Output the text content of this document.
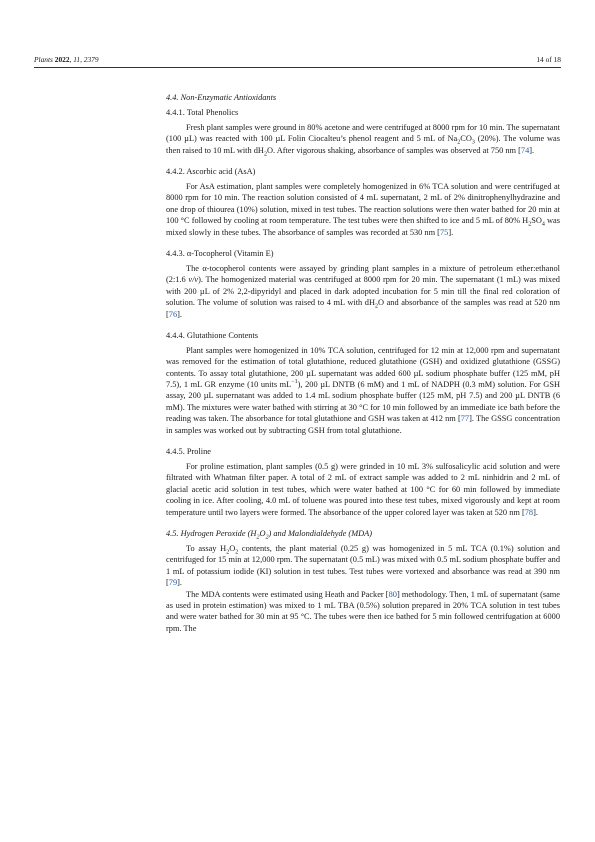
Plants 2022, 11, 2379	14 of 18
4.4. Non-Enzymatic Antioxidants
4.4.1. Total Phenolics

Fresh plant samples were ground in 80% acetone and were centrifuged at 8000 rpm for 10 min. The supernatant (100 µL) was reacted with 100 µL Folin Ciocalteu’s phenol reagent and 5 mL of $Na_2CO_3$ (20%). The volume was then raised to 10 mL with $dH_2O$. After vigorous shaking, absorbance of samples was observed at 750 nm [74].

4.4.2. Ascorbic acid (AsA)

For AsA estimation, plant samples were completely homogenized in 6% TCA solution and were centrifuged at 8000 rpm for 10 min. The reaction solution consisted of 4 mL supernatant, 2 mL of 2% dinitrophenylhydrazine and one drop of thiourea (10%) solution, mixed in test tubes. The reaction solutions were then water bathed for 20 min at 100 °C followed by cooling at room temperature. The test tubes were then shifted to ice and 5 mL of 80% $H_2SO_4$ was mixed slowly in these tubes. The absorbance of samples was recorded at 530 nm [75].

4.4.3. α-Tocopherol (Vitamin E)

The α-tocopherol contents were assayed by grinding plant samples in a mixture of petroleum ether:ethanol (2:1.6 v/v). The homogenized material was centrifuged at 8000 rpm for 20 min. The supernatant (1 mL) was mixed with 200 µL of 2% 2,2-dipyridyl and placed in dark adopted incubation for 5 min till the final red coloration of solution. The volume of solution was raised to 4 mL with $dH_2O$ and absorbance of the samples was read at 520 nm [76].

4.4.4. Glutathione Contents

Plant samples were homogenized in 10% TCA solution, centrifuged for 12 min at 12,000 rpm and supernatant was removed for the estimation of total glutathione, reduced glutathione (GSH) and oxidized glutathione (GSSG) contents. To assay total glutathione, 200 µL supernatant was added 600 µL sodium phosphate buffer (125 mM, pH 7.5), 1 mL GR enzyme (10 units $mL^{-1}$), 200 µL DNTB (6 mM) and 1 mL of NADPH (0.3 mM) solution. For GSH assay, 200 µL supernatant was added to 1.4 mL sodium phosphate buffer (125 mM, pH 7.5) and 200 µL DNTB (6 mM). The mixtures were water bathed with stirring at 30 °C for 10 min followed by an immediate ice bath before the reading was taken. The absorbance for total glutathione and GSH was taken at 412 nm [77]. The GSSG concentration in samples was worked out by subtracting GSH from total glutathione.

4.4.5. Proline

For proline estimation, plant samples (0.5 g) were grinded in 10 mL 3% sulfosalicylic acid solution and were filtrated with Whatman filter paper. A total of 2 mL of extract sample was added to 2 mL ninhidrin and 2 mL of glacial acetic acid solution in test tubes, which were water bathed at 100 °C for 60 min followed by immediate cooling in ice. After cooling, 4.0 mL of toluene was poured into these test tubes, mixed vigorously and kept at room temperature until two layers were formed. The absorbance of the upper colored layer was taken at 520 nm [78].

4.5. Hydrogen Peroxide $(H_2O_2)$ and Malondialdehyde (MDA)

To assay $H_2O_2$ contents, the plant material (0.25 g) was homogenized in 5 mL TCA (0.1%) solution and centrifuged for 15 min at 12,000 rpm. The supernatant (0.5 mL) was mixed with 0.5 mL sodium phosphate buffer and 1 mL of potassium iodide (KI) solution in test tubes. Test tubes were vortexed and absorbance was read at 390 nm [79].

The MDA contents were estimated using Heath and Packer [80] methodology. Then, 1 mL of supernatant (same as used in protein estimation) was mixed to 1 mL TBA (0.5%) solution prepared in 20% TCA solution in test tubes and were water bathed for 30 min at 95 °C. The tubes were then ice bathed for 5 min followed centrifugation at 6000 rpm. The
